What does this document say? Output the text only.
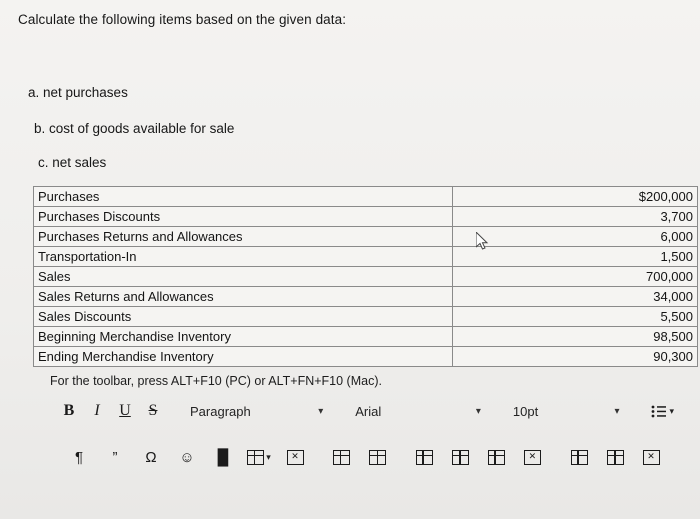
Calculate the following items based on the given data:
a. net purchases
b. cost of goods available for sale
c. net sales
Purchases	$200,000
Purchases Discounts	3,700
Purchases Returns and Allowances	6,000
Transportation-In	1,500
Sales	700,000
Sales Returns and Allowances	34,000
Sales Discounts	5,500
Beginning Merchandise Inventory	98,500
Ending Merchandise Inventory	90,300
For the toolbar, press ALT+F10 (PC) or ALT+FN+F10 (Mac).
B	I	U	S	Paragraph	▾ Arial	▾ 10pt	▾	▾
¶	”	Ω	☺	█	▾	✕	✕	✕
